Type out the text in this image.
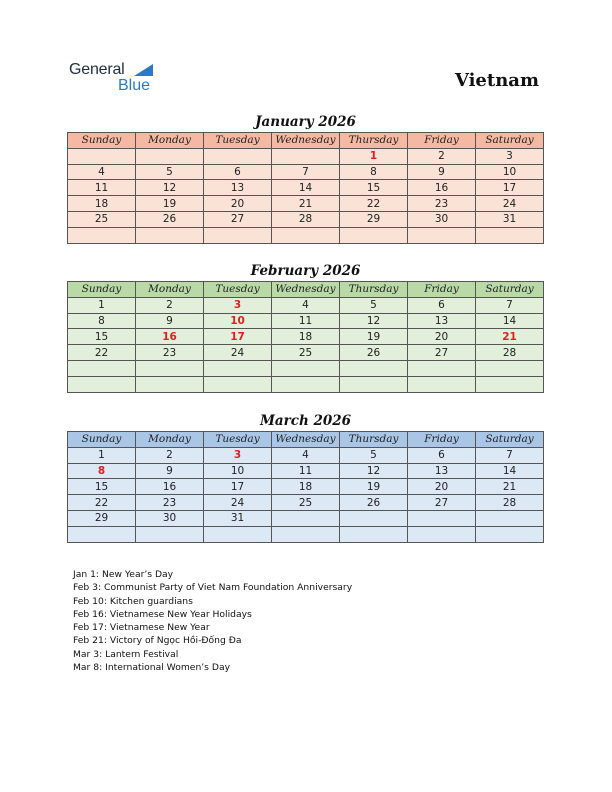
General
Blue	Vietnam
January 2026
Sunday	Monday	Tuesday	Wednesday	Thursday	Friday	Saturday
				1	2	3
4	5	6	7	8	9	10
11	12	13	14	15	16	17
18	19	20	21	22	23	24
25	26	27	28	29	30	31

February 2026
Sunday	Monday	Tuesday	Wednesday	Thursday	Friday	Saturday
1	2	3	4	5	6	7
8	9	10	11	12	13	14
15	16	17	18	19	20	21
22	23	24	25	26	27	28

March 2026
Sunday	Monday	Tuesday	Wednesday	Thursday	Friday	Saturday
1	2	3	4	5	6	7
8	9	10	11	12	13	14
15	16	17	18	19	20	21
22	23	24	25	26	27	28
29	30	31				

Jan 1: New Year’s Day
Feb 3: Communist Party of Viet Nam Foundation Anniversary
Feb 10: Kitchen guardians
Feb 16: Vietnamese New Year Holidays
Feb 17: Vietnamese New Year
Feb 21: Victory of Ngọc Hồi-Đống Đa
Mar 3: Lantern Festival
Mar 8: International Women’s Day
